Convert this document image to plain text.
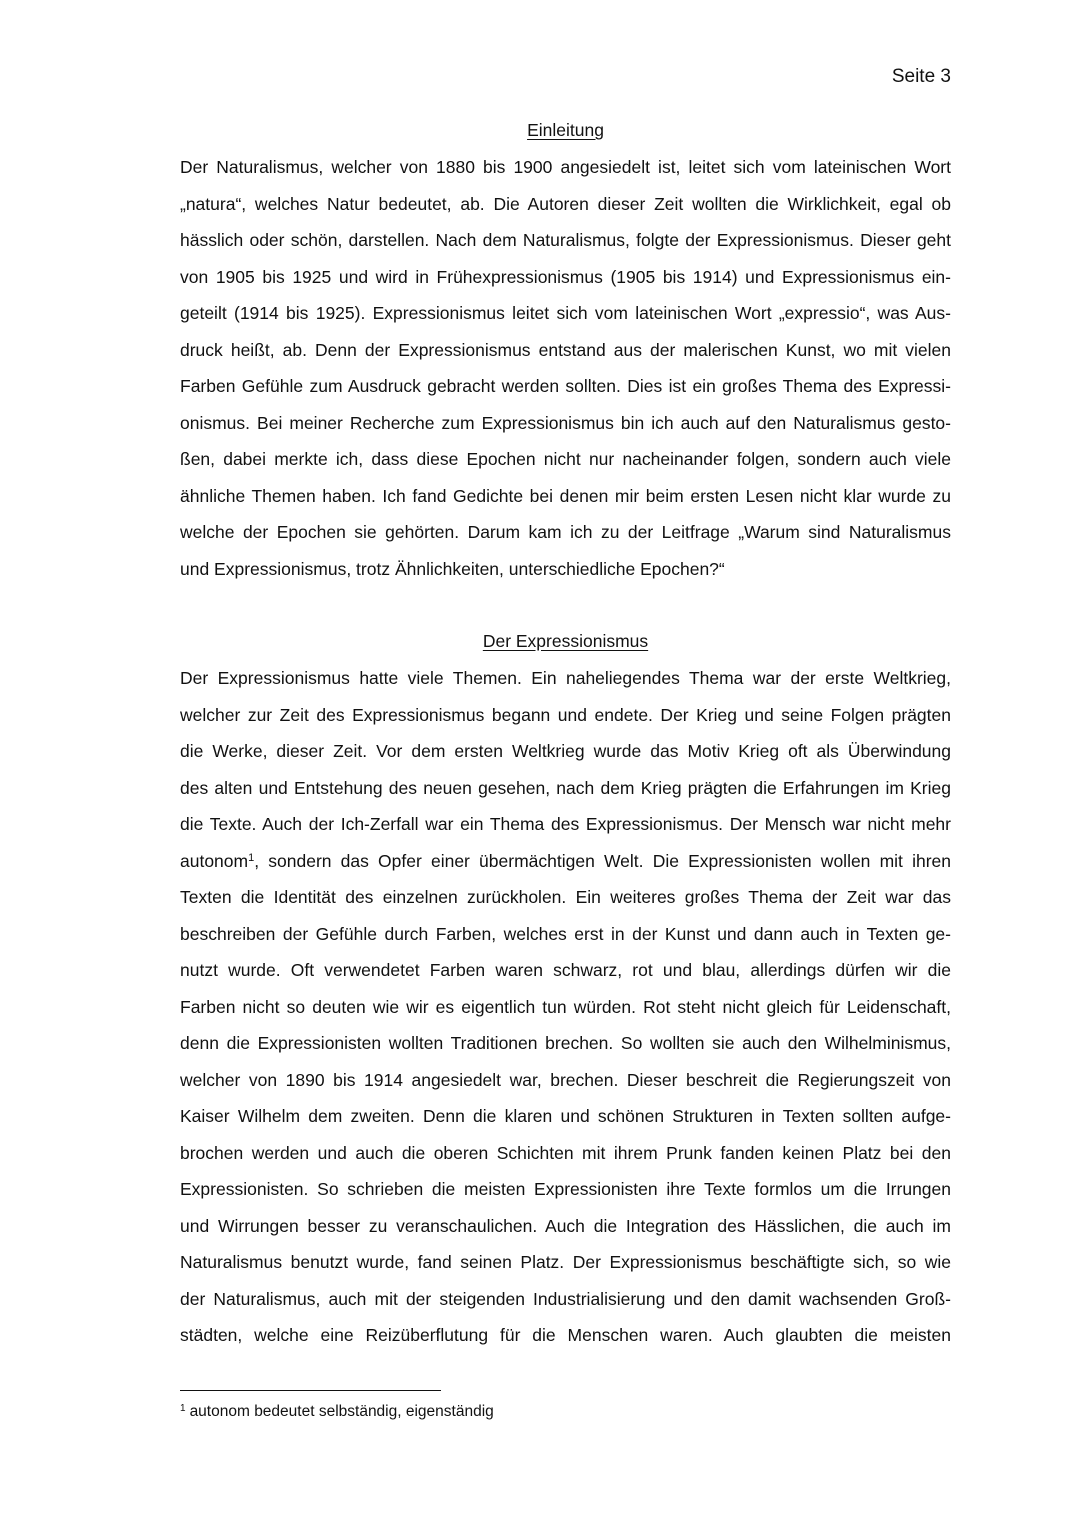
Seite 3
Einleitung
Der Naturalismus, welcher von 1880 bis 1900 angesiedelt ist, leitet sich vom lateinischen Wort
„natura“, welches Natur bedeutet, ab. Die Autoren dieser Zeit wollten die Wirklichkeit, egal ob
hässlich oder schön, darstellen. Nach dem Naturalismus, folgte der Expressionismus. Dieser geht
von 1905 bis 1925 und wird in Frühexpressionismus (1905 bis 1914) und Expressionismus ein-
geteilt (1914 bis 1925). Expressionismus leitet sich vom lateinischen Wort „expressio“, was Aus-
druck heißt, ab. Denn der Expressionismus entstand aus der malerischen Kunst, wo mit vielen
Farben Gefühle zum Ausdruck gebracht werden sollten. Dies ist ein großes Thema des Expressi-
onismus. Bei meiner Recherche zum Expressionismus bin ich auch auf den Naturalismus gesto-
ßen, dabei merkte ich, dass diese Epochen nicht nur nacheinander folgen, sondern auch viele
ähnliche Themen haben. Ich fand Gedichte bei denen mir beim ersten Lesen nicht klar wurde zu
welche der Epochen sie gehörten. Darum kam ich zu der Leitfrage „Warum sind Naturalismus
und Expressionismus, trotz Ähnlichkeiten, unterschiedliche Epochen?“
Der Expressionismus
Der Expressionismus hatte viele Themen. Ein naheliegendes Thema war der erste Weltkrieg,
welcher zur Zeit des Expressionismus begann und endete. Der Krieg und seine Folgen prägten
die Werke, dieser Zeit. Vor dem ersten Weltkrieg wurde das Motiv Krieg oft als Überwindung
des alten und Entstehung des neuen gesehen, nach dem Krieg prägten die Erfahrungen im Krieg
die Texte. Auch der Ich-Zerfall war ein Thema des Expressionismus. Der Mensch war nicht mehr
autonom$^1$, sondern das Opfer einer übermächtigen Welt. Die Expressionisten wollen mit ihren
Texten die Identität des einzelnen zurückholen. Ein weiteres großes Thema der Zeit war das
beschreiben der Gefühle durch Farben, welches erst in der Kunst und dann auch in Texten ge-
nutzt wurde. Oft verwendetet Farben waren schwarz, rot und blau, allerdings dürfen wir die
Farben nicht so deuten wie wir es eigentlich tun würden. Rot steht nicht gleich für Leidenschaft,
denn die Expressionisten wollten Traditionen brechen. So wollten sie auch den Wilhelminismus,
welcher von 1890 bis 1914 angesiedelt war, brechen. Dieser beschreit die Regierungszeit von
Kaiser Wilhelm dem zweiten. Denn die klaren und schönen Strukturen in Texten sollten aufge-
brochen werden und auch die oberen Schichten mit ihrem Prunk fanden keinen Platz bei den
Expressionisten. So schrieben die meisten Expressionisten ihre Texte formlos um die Irrungen
und Wirrungen besser zu veranschaulichen. Auch die Integration des Hässlichen, die auch im
Naturalismus benutzt wurde, fand seinen Platz. Der Expressionismus beschäftigte sich, so wie
der Naturalismus, auch mit der steigenden Industrialisierung und den damit wachsenden Groß-
städten, welche eine Reizüberflutung für die Menschen waren. Auch glaubten die meisten
$^1$ autonom bedeutet selbständig, eigenständig
